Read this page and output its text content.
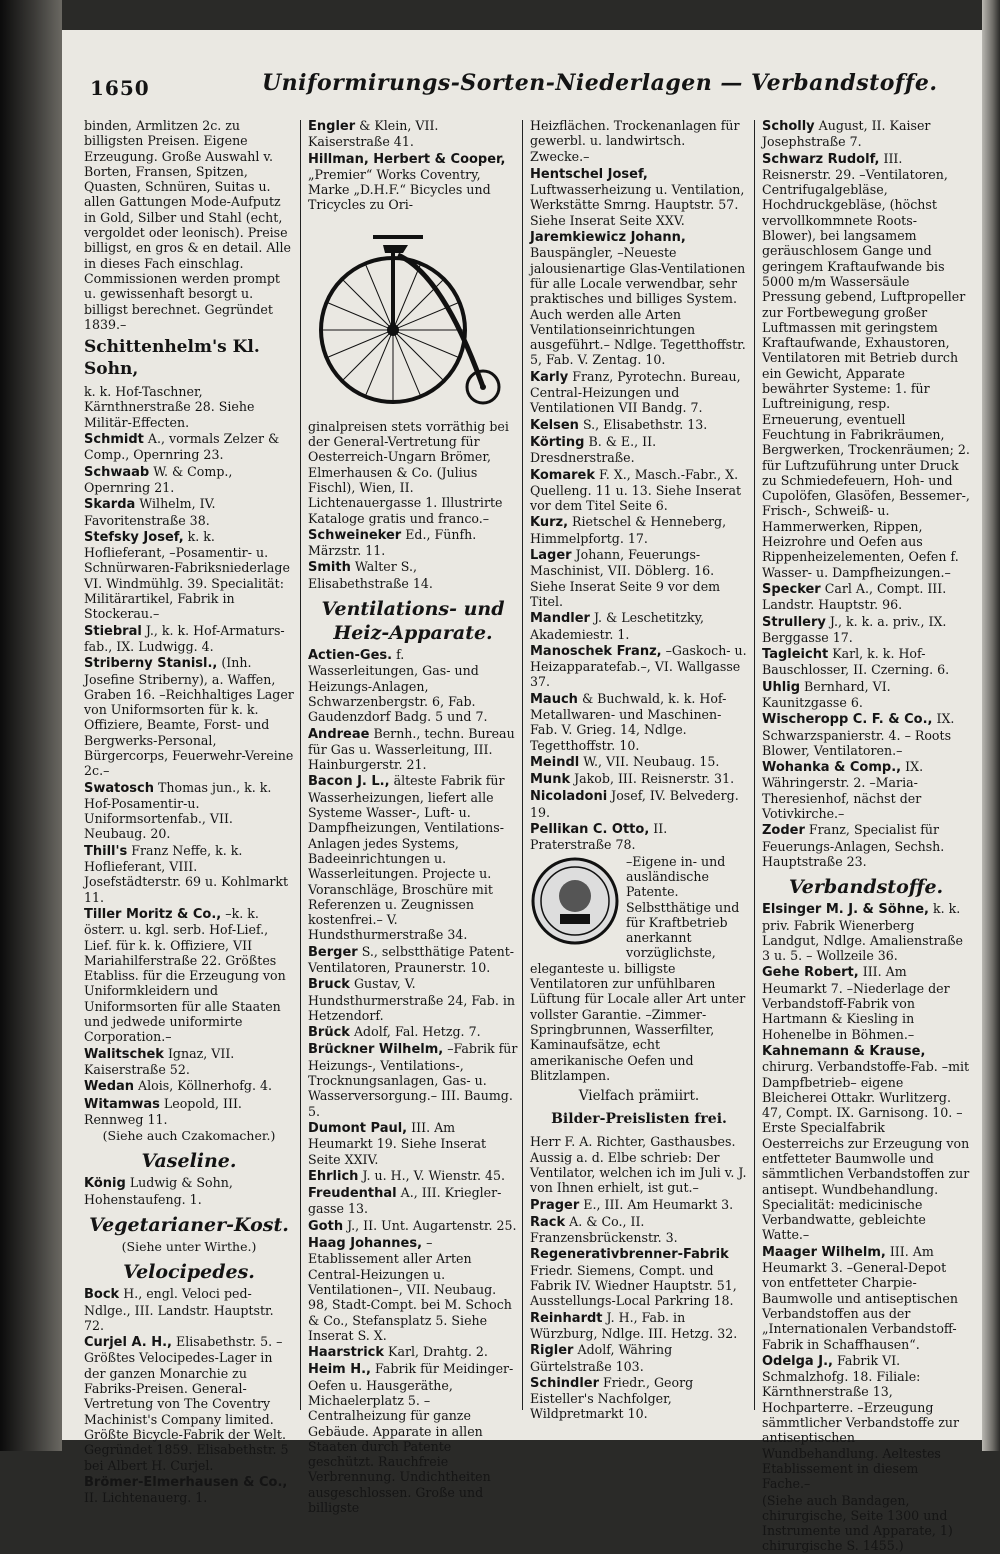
1650	Uniformirungs-Sorten-Niederlagen — Verbandstoffe.
binden, Armlitzen 2c. zu billigsten Preisen. Eigene Erzeugung. Große Auswahl v. Borten, Fransen, Spitzen, Quasten, Schnüren, Suitas u. allen Gattungen Mode-Aufputz in Gold, Silber und Stahl (echt, vergoldet oder leonisch). Preise billigst, en gros & en detail. Alle in dieses Fach einschlag. Commissionen werden prompt u. gewissenhaft besorgt u. billigst berechnet. Gegründet 1839.–
Schittenhelm's Kl. Sohn,
k. k. Hof-Taschner, Kärnthnerstraße 28. Siehe Militär-Effecten.
Schmidt A., vormals Zelzer & Comp., Opernring 23.
Schwaab W. & Comp., Opernring 21.
Skarda Wilhelm, IV. Favoritenstraße 38.
Stefsky Josef, k. k. Hoflieferant, –Posamentir- u. Schnürwaren-Fabriksniederlage VI. Windmühlg. 39. Specialität: Militärartikel, Fabrik in Stockerau.–
Stiebral J., k. k. Hof-Armaturs-fab., IX. Ludwigg. 4.
Striberny Stanisl., (Inh. Josefine Striberny), a. Waffen, Graben 16. –Reichhaltiges Lager von Uniformsorten für k. k. Offiziere, Beamte, Forst- und Bergwerks-Personal, Bürgercorps, Feuerwehr-Vereine 2c.–
Swatosch Thomas jun., k. k. Hof-Posamentir-u. Uniformsortenfab., VII. Neubaug. 20.
Thill's Franz Neffe, k. k. Hoflieferant, VIII. Josefstädterstr. 69 u. Kohlmarkt 11.
Tiller Moritz & Co., –k. k. österr. u. kgl. serb. Hof-Lief., Lief. für k. k. Offiziere, VII Mariahilferstraße 22. Größtes Etabliss. für die Erzeugung von Uniformkleidern und Uniformsorten für alle Staaten und jedwede uniformirte Corporation.–
Walitschek Ignaz, VII. Kaiserstraße 52.
Wedan Alois, Köllnerhofg. 4.
Witamwas Leopold, III. Rennweg 11.
(Siehe auch Czakomacher.)
Vaseline.
König Ludwig & Sohn, Hohenstaufeng. 1.
Vegetarianer-Kost.
(Siehe unter Wirthe.)
Velocipedes.
Bock H., engl. Veloci ped-Ndlge., III. Landstr. Hauptstr. 72.
Curjel A. H., Elisabethstr. 5. –Größtes Velocipedes-Lager in der ganzen Monarchie zu Fabriks-Preisen. General-Vertretung von The Coventry Machinist's Company limited. Größte Bicycle-Fabrik der Welt. Gegründet 1859. Elisabethstr. 5 bei Albert H. Curjel.
Brömer-Elmerhausen & Co., II. Lichtenauerg. 1.
Engler & Klein, VII. Kaiserstraße 41.
Hillman, Herbert & Cooper, „Premier“ Works Coventry, Marke „D.H.F.“ Bicycles und Tricycles zu Ori-
ginalpreisen stets vorräthig bei der General-Vertretung für Oesterreich-Ungarn Brömer, Elmerhausen & Co. (Julius Fischl), Wien, II. Lichtenauergasse 1. Illustrirte Kataloge gratis und franco.–
Schweineker Ed., Fünfh. Märzstr. 11.
Smith Walter S., Elisabethstraße 14.
Ventilations- und Heiz-Apparate.
Actien-Ges. f. Wasserleitungen, Gas- und Heizungs-Anlagen, Schwarzenbergstr. 6, Fab. Gaudenzdorf Badg. 5 und 7.
Andreae Bernh., techn. Bureau für Gas u. Wasserleitung, III. Hainburgerstr. 21.
Bacon J. L., älteste Fabrik für Wasserheizungen, liefert alle Systeme Wasser-, Luft- u. Dampfheizungen, Ventilations-Anlagen jedes Systems, Badeeinrichtungen u. Wasserleitungen. Projecte u. Voranschläge, Broschüre mit Referenzen u. Zeugnissen kostenfrei.– V. Hundsthurmerstraße 34.
Berger S., selbstthätige Patent-Ventilatoren, Praunerstr. 10.
Bruck Gustav, V. Hundsthurmerstraße 24, Fab. in Hetzendorf.
Brück Adolf, Fal. Hetzg. 7.
Brückner Wilhelm, –Fabrik für Heizungs-, Ventilations-, Trocknungsanlagen, Gas- u. Wasserversorgung.– III. Baumg. 5.
Dumont Paul, III. Am Heumarkt 19. Siehe Inserat Seite XXIV.
Ehrlich J. u. H., V. Wienstr. 45.
Freudenthal A., III. Kriegler-gasse 13.
Goth J., II. Unt. Augartenstr. 25.
Haag Johannes, –Etablissement aller Arten Central-Heizungen u. Ventilationen–, VII. Neubaug. 98, Stadt-Compt. bei M. Schoch & Co., Stefansplatz 5. Siehe Inserat S. X.
Haarstrick Karl, Drahtg. 2.
Heim H., Fabrik für Meidinger-Oefen u. Hausgeräthe, Michaelerplatz 5. –Centralheizung für ganze Gebäude. Apparate in allen Staaten durch Patente geschützt. Rauchfreie Verbrennung. Undichtheiten ausgeschlossen. Große und billigste
Heizflächen. Trockenanlagen für gewerbl. u. landwirtsch. Zwecke.–
Hentschel Josef, Luftwasserheizung u. Ventilation, Werkstätte Smrng. Hauptstr. 57. Siehe Inserat Seite XXV.
Jaremkiewicz Johann, Bauspängler, –Neueste jalousienartige Glas-Ventilationen für alle Locale verwendbar, sehr praktisches und billiges System. Auch werden alle Arten Ventilationseinrichtungen ausgeführt.– Ndlge. Tegetthoffstr. 5, Fab. V. Zentag. 10.
Karly Franz, Pyrotechn. Bureau, Central-Heizungen und Ventilationen VII Bandg. 7.
Kelsen S., Elisabethstr. 13.
Körting B. & E., II. Dresdnerstraße.
Komarek F. X., Masch.-Fabr., X. Quelleng. 11 u. 13. Siehe Inserat vor dem Titel Seite 6.
Kurz, Rietschel & Henneberg, Himmelpfortg. 17.
Lager Johann, Feuerungs-Maschinist, VII. Döblerg. 16. Siehe Inserat Seite 9 vor dem Titel.
Mandler J. & Leschetitzky, Akademiestr. 1.
Manoschek Franz, –Gaskoch- u. Heizapparatefab.–, VI. Wallgasse 37.
Mauch & Buchwald, k. k. Hof-Metallwaren- und Maschinen-Fab. V. Grieg. 14, Ndlge. Tegetthoffstr. 10.
Meindl W., VII. Neubaug. 15.
Munk Jakob, III. Reisnerstr. 31.
Nicoladoni Josef, IV. Belvederg. 19.
Pellikan C. Otto, II. Praterstraße 78.
–Eigene in- und ausländische Patente. Selbstthätige und für Kraftbetrieb anerkannt vorzüglichste, eleganteste u. billigste Ventilatoren zur unfühlbaren Lüftung für Locale aller Art unter vollster Garantie. –Zimmer-Springbrunnen, Wasserfilter, Kaminaufsätze, echt amerikanische Oefen und Blitzlampen.
Vielfach prämiirt.
Bilder-Preislisten frei.
Herr F. A. Richter, Gasthausbes. Aussig a. d. Elbe schrieb: Der Ventilator, welchen ich im Juli v. J. von Ihnen erhielt, ist gut.–
Prager E., III. Am Heumarkt 3.
Rack A. & Co., II. Franzensbrückenstr. 3.
Regenerativbrenner-Fabrik Friedr. Siemens, Compt. und Fabrik IV. Wiedner Hauptstr. 51, Ausstellungs-Local Parkring 18.
Reinhardt J. H., Fab. in Würzburg, Ndlge. III. Hetzg. 32.
Rigler Adolf, Währing Gürtelstraße 103.
Schindler Friedr., Georg Eisteller's Nachfolger, Wildpretmarkt 10.
Scholly August, II. Kaiser Josephstraße 7.
Schwarz Rudolf, III. Reisnerstr. 29. –Ventilatoren, Centrifugalgebläse, Hochdruckgebläse, (höchst vervollkommnete Roots-Blower), bei langsamem geräuschlosem Gange und geringem Kraftaufwande bis 5000 m/m Wassersäule Pressung gebend, Luftpropeller zur Fortbewegung großer Luftmassen mit geringstem Kraftaufwande, Exhaustoren, Ventilatoren mit Betrieb durch ein Gewicht, Apparate bewährter Systeme: 1. für Luftreinigung, resp. Erneuerung, eventuell Feuchtung in Fabrikräumen, Bergwerken, Trockenräumen; 2. für Luftzuführung unter Druck zu Schmiedefeuern, Hoh- und Cupolöfen, Glasöfen, Bessemer-, Frisch-, Schweiß- u. Hammerwerken, Rippen, Heizrohre und Oefen aus Rippenheizelementen, Oefen f. Wasser- u. Dampfheizungen.–
Specker Carl A., Compt. III. Landstr. Hauptstr. 96.
Strullery J., k. k. a. priv., IX. Berggasse 17.
Tagleicht Karl, k. k. Hof-Bauschlosser, II. Czerning. 6.
Uhlig Bernhard, VI. Kaunitzgasse 6.
Wischeropp C. F. & Co., IX. Schwarzspanierstr. 4. – Roots Blower, Ventilatoren.–
Wohanka & Comp., IX. Währingerstr. 2. –Maria-Theresienhof, nächst der Votivkirche.–
Zoder Franz, Specialist für Feuerungs-Anlagen, Sechsh. Hauptstraße 23.
Verbandstoffe.
Elsinger M. J. & Söhne, k. k. priv. Fabrik Wienerberg Landgut, Ndlge. Amalienstraße 3 u. 5. – Wollzeile 36.
Gehe Robert, III. Am Heumarkt 7. –Niederlage der Verbandstoff-Fabrik von Hartmann & Kiesling in Hohenelbe in Böhmen.–
Kahnemann & Krause, chirurg. Verbandstoffe-Fab. –mit Dampfbetrieb– eigene Bleicherei Ottakr. Wurlitzerg. 47, Compt. IX. Garnisong. 10. –Erste Specialfabrik Oesterreichs zur Erzeugung von entfetteter Baumwolle und sämmtlichen Verbandstoffen zur antisept. Wundbehandlung. Specialität: medicinische Verbandwatte, gebleichte Watte.–
Maager Wilhelm, III. Am Heumarkt 3. –General-Depot von entfetteter Charpie-Baumwolle und antiseptischen Verbandstoffen aus der „Internationalen Verbandstoff-Fabrik in Schaffhausen“.
Odelga J., Fabrik VI. Schmalzhofg. 18. Filiale: Kärnthnerstraße 13, Hochparterre. –Erzeugung sämmtlicher Verbandstoffe zur antiseptischen Wundbehandlung. Aeltestes Etablissement in diesem Fache.–
(Siehe auch Bandagen, chirurgische, Seite 1300 und Instrumente und Apparate, 1) chirurgische S. 1455.)
